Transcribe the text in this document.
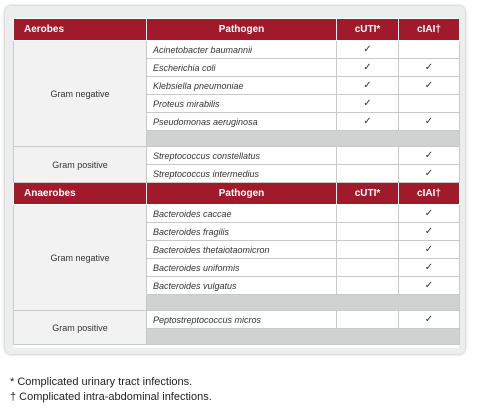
Aerobes	Pathogen	cUTI*	cIAI†
Gram negative	Acinetobacter baumannii	✓	
	Escherichia coli	✓	✓
	Klebsiella pneumoniae	✓	✓
	Proteus mirabilis	✓	
	Pseudomonas aeruginosa	✓	✓

Gram positive	Streptococcus constellatus		✓
	Streptococcus intermedius		✓
Anaerobes	Pathogen	cUTI*	cIAI†
Gram negative	Bacteroides caccae		✓
	Bacteroides fragilis		✓
	Bacteroides thetaiotaomicron		✓
	Bacteroides uniformis		✓
	Bacteroides vulgatus		✓

Gram positive	Peptostreptococcus micros		✓

* Complicated urinary tract infections.
† Complicated intra-abdominal infections.
